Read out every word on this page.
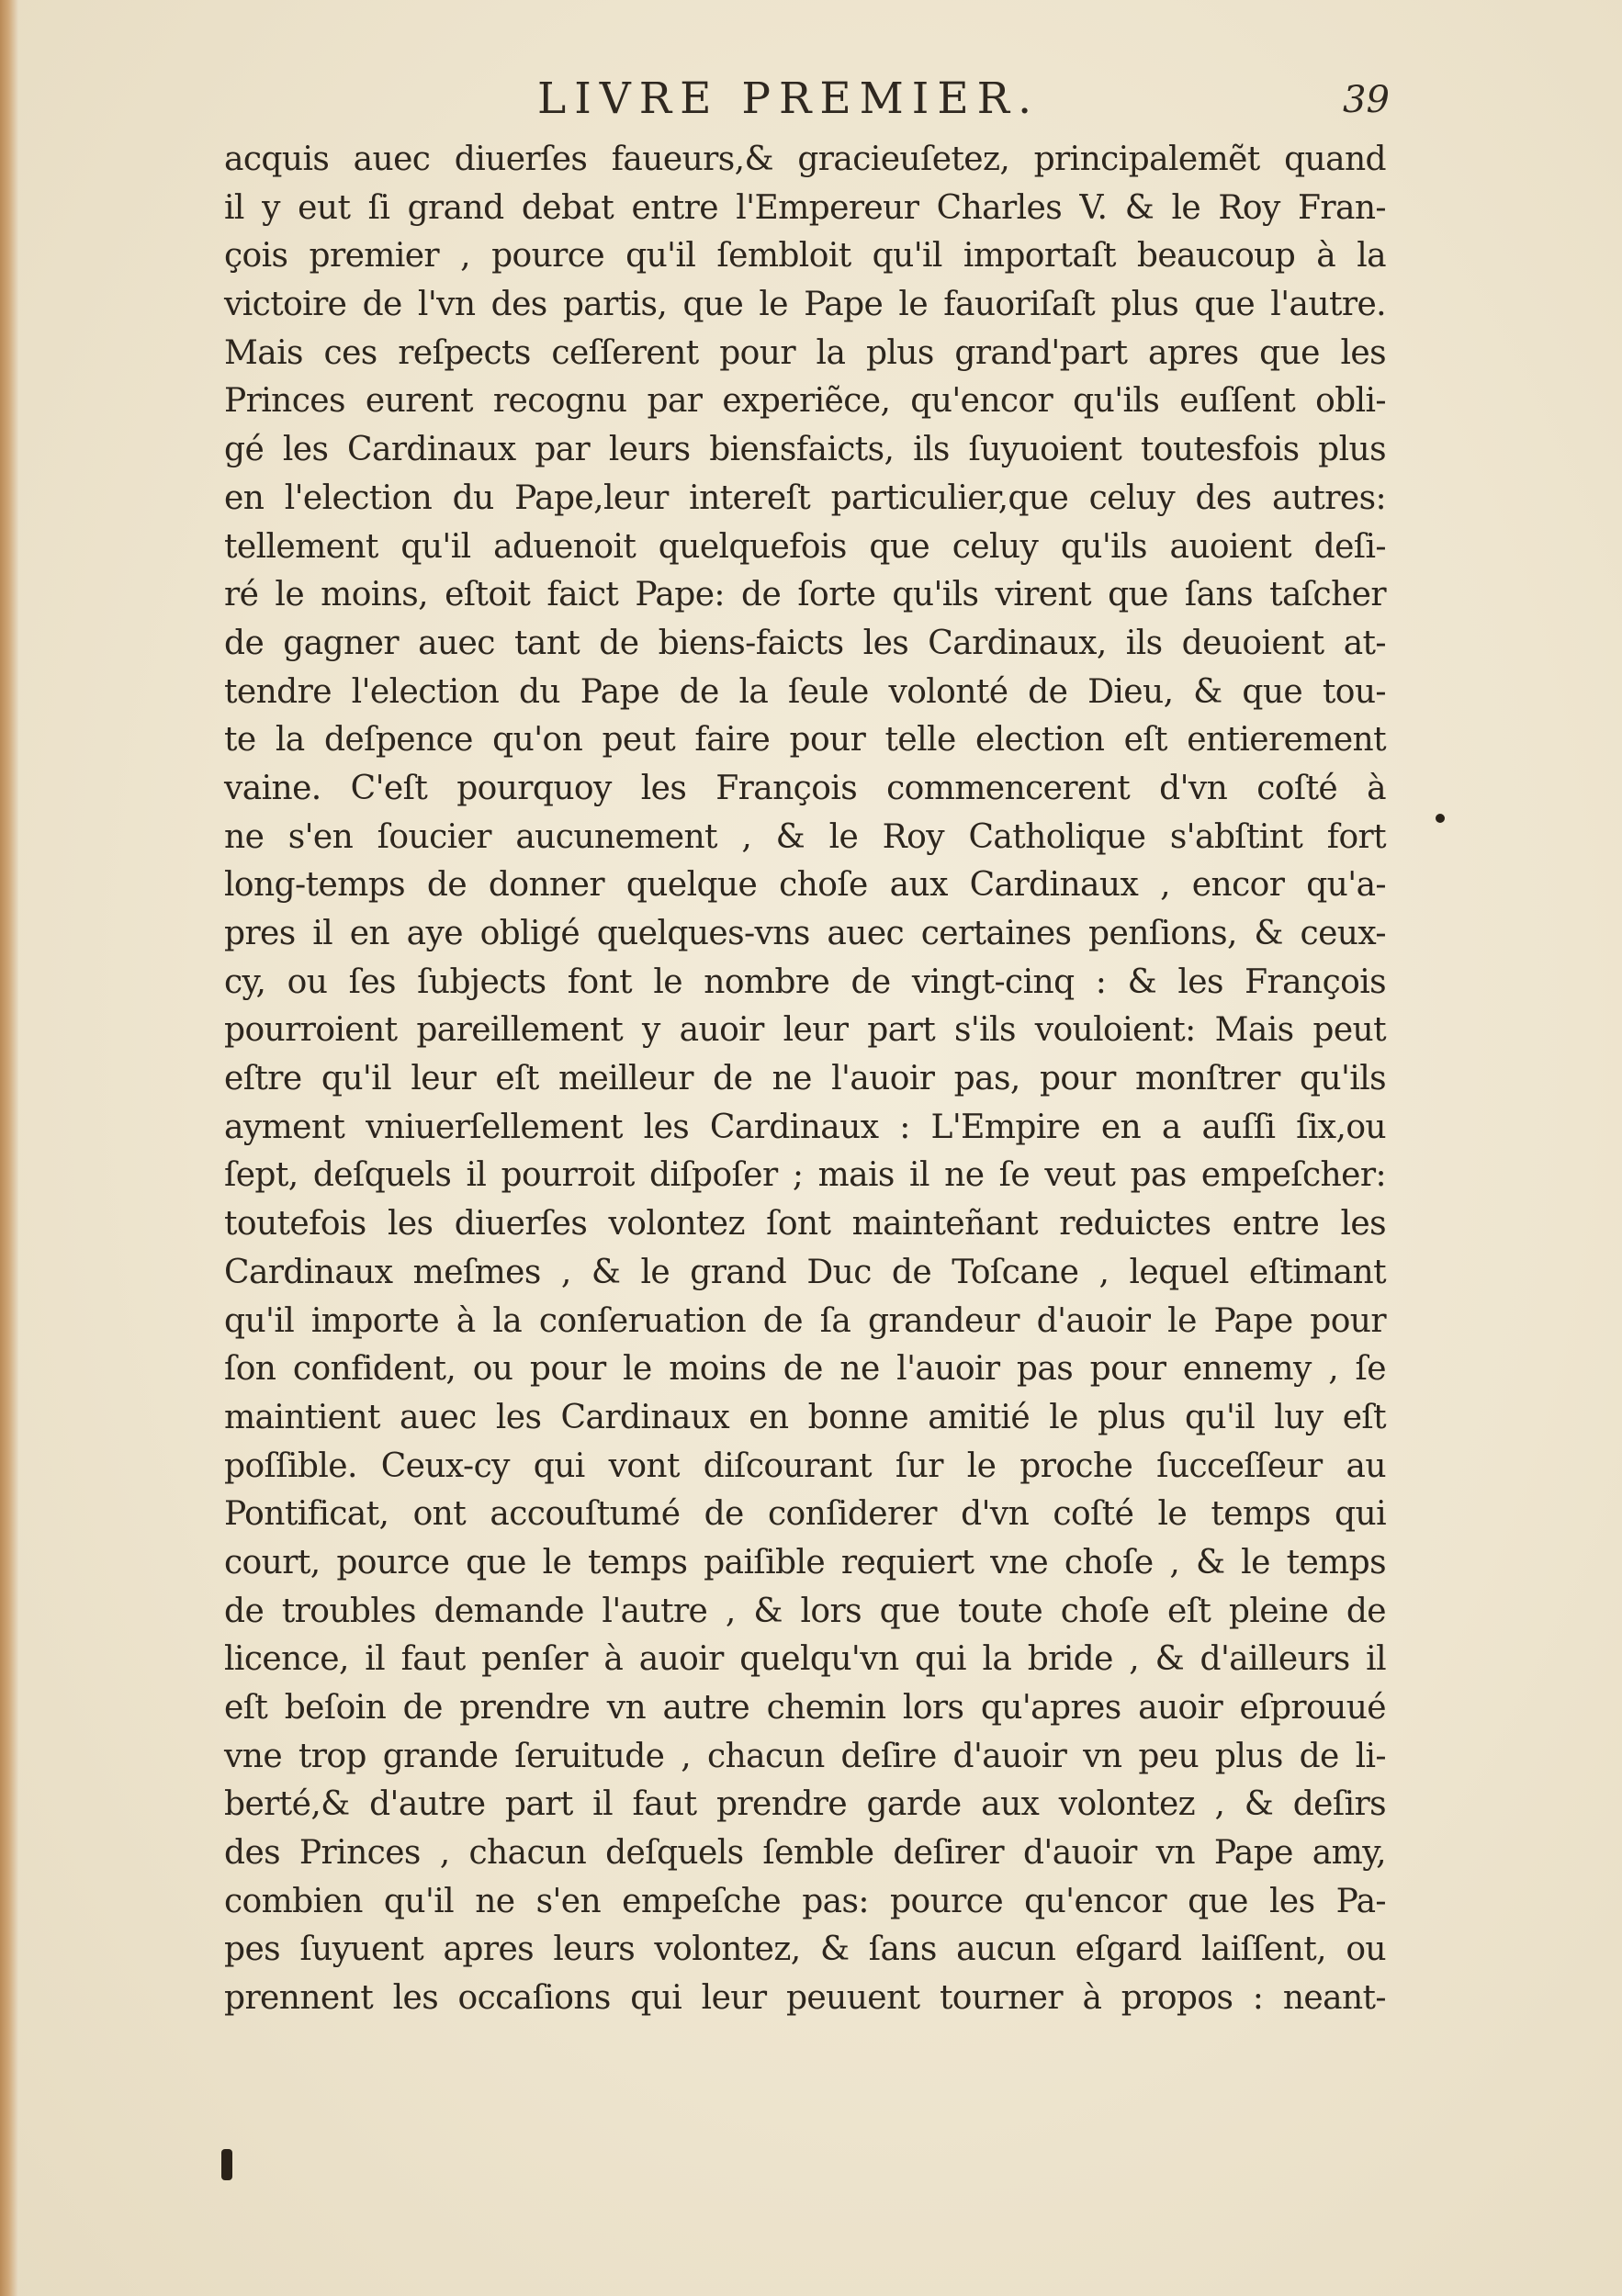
LIVRE PREMIER.	39
acquis auec diuerſes faueurs,& gracieuſetez, principalemẽt quand
il y eut ſi grand debat entre l'Empereur Charles V. & le Roy Fran-
çois premier , pource qu'il ſembloit qu'il importaſt beaucoup à la
victoire de l'vn des partis, que le Pape le fauoriſaſt plus que l'autre.
Mais ces reſpects ceſſerent pour la plus grand'part apres que les
Princes eurent recognu par experiẽce, qu'encor qu'ils euſſent obli-
gé les Cardinaux par leurs biensfaicts, ils ſuyuoient toutesfois plus
en l'election du Pape,leur intereſt particulier,que celuy des autres:
tellement qu'il aduenoit quelquefois que celuy qu'ils auoient deſi-
ré le moins, eſtoit faict Pape: de ſorte qu'ils virent que ſans taſcher
de gagner auec tant de biens-faicts les Cardinaux, ils deuoient at-
tendre l'election du Pape de la ſeule volonté de Dieu, & que tou-
te la deſpence qu'on peut faire pour telle election eſt entierement
vaine. C'eſt pourquoy les François commencerent d'vn coſté à
ne s'en ſoucier aucunement , & le Roy Catholique s'abſtint fort
long-temps de donner quelque choſe aux Cardinaux , encor qu'a-
pres il en aye obligé quelques-vns auec certaines penſions, & ceux-
cy, ou ſes ſubjects font le nombre de vingt-cinq : & les François
pourroient pareillement y auoir leur part s'ils vouloient: Mais peut
eſtre qu'il leur eſt meilleur de ne l'auoir pas, pour monſtrer qu'ils
ayment vniuerſellement les Cardinaux : L'Empire en a auſſi ſix,ou
ſept, deſquels il pourroit diſpoſer ; mais il ne ſe veut pas empeſcher:
toutefois les diuerſes volontez ſont mainteñant reduictes entre les
Cardinaux meſmes , & le grand Duc de Toſcane , lequel eſtimant
qu'il importe à la conſeruation de ſa grandeur d'auoir le Pape pour
ſon confident, ou pour le moins de ne l'auoir pas pour ennemy , ſe
maintient auec les Cardinaux en bonne amitié le plus qu'il luy eſt
poſſible. Ceux-cy qui vont diſcourant ſur le proche ſucceſſeur au
Pontificat, ont accouſtumé de conſiderer d'vn coſté le temps qui
court, pource que le temps paiſible requiert vne choſe , & le temps
de troubles demande l'autre , & lors que toute choſe eſt pleine de
licence, il faut penſer à auoir quelqu'vn qui la bride , & d'ailleurs il
eſt beſoin de prendre vn autre chemin lors qu'apres auoir eſprouué
vne trop grande ſeruitude , chacun deſire d'auoir vn peu plus de li-
berté,& d'autre part il faut prendre garde aux volontez , & deſirs
des Princes , chacun deſquels ſemble deſirer d'auoir vn Pape amy,
combien qu'il ne s'en empeſche pas: pource qu'encor que les Pa-
pes ſuyuent apres leurs volontez, & ſans aucun eſgard laiſſent, ou
prennent les occaſions qui leur peuuent tourner à propos : neant-
